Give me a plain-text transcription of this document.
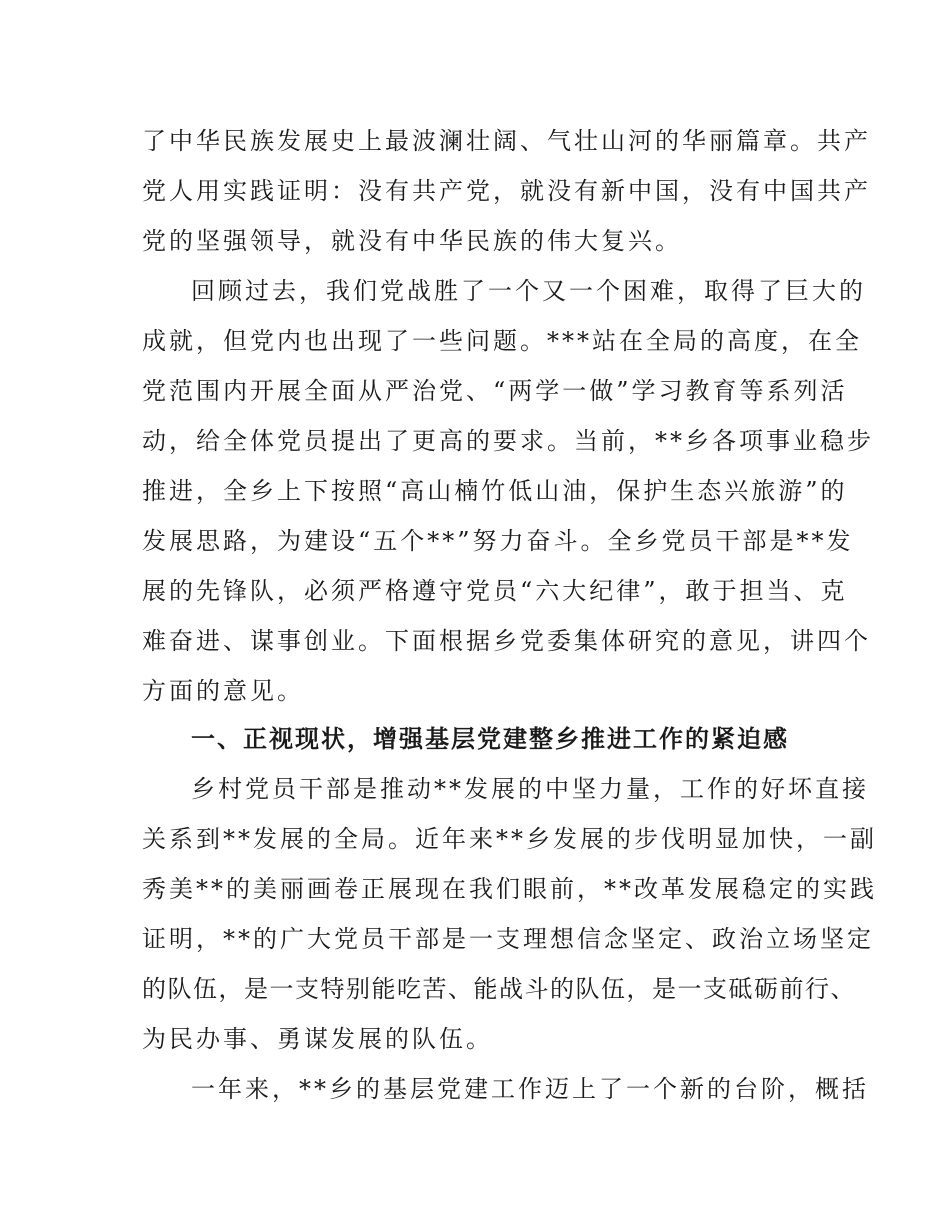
了中华民族发展史上最波澜壮阔、气壮山河的华丽篇章。共产
党人用实践证明：没有共产党，就没有新中国，没有中国共产
党的坚强领导，就没有中华民族的伟大复兴。
回顾过去，我们党战胜了一个又一个困难，取得了巨大的
成就，但党内也出现了一些问题。***站在全局的高度，在全
党范围内开展全面从严治党、“两学一做”学习教育等系列活
动，给全体党员提出了更高的要求。当前，**乡各项事业稳步
推进，全乡上下按照“高山楠竹低山油，保护生态兴旅游”的
发展思路，为建设“五个**”努力奋斗。全乡党员干部是**发
展的先锋队，必须严格遵守党员“六大纪律”，敢于担当、克
难奋进、谋事创业。下面根据乡党委集体研究的意见，讲四个
方面的意见。
一、正视现状，增强基层党建整乡推进工作的紧迫感
乡村党员干部是推动**发展的中坚力量，工作的好坏直接
关系到**发展的全局。近年来**乡发展的步伐明显加快，一副
秀美**的美丽画卷正展现在我们眼前，**改革发展稳定的实践
证明，**的广大党员干部是一支理想信念坚定、政治立场坚定
的队伍，是一支特别能吃苦、能战斗的队伍，是一支砥砺前行、
为民办事、勇谋发展的队伍。
一年来，**乡的基层党建工作迈上了一个新的台阶，概括
